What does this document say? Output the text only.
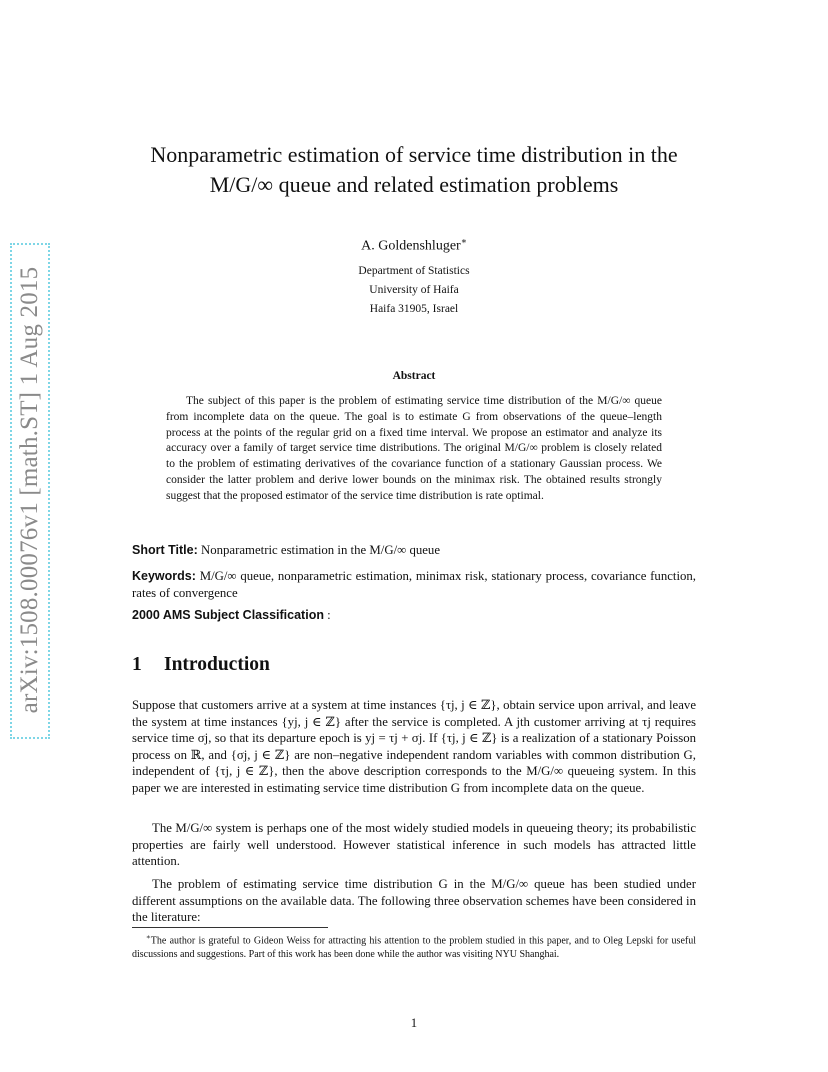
arXiv:1508.00076v1 [math.ST] 1 Aug 2015
Nonparametric estimation of service time distribution in the
M/G/∞ queue and related estimation problems
A. Goldenshluger∗
Department of Statistics
University of Haifa
Haifa 31905, Israel
Abstract
The subject of this paper is the problem of estimating service time distribution of the M/G/∞ queue from incomplete data on the queue. The goal is to estimate G from observations of the queue–length process at the points of the regular grid on a fixed time interval. We propose an estimator and analyze its accuracy over a family of target service time distributions. The original M/G/∞ problem is closely related to the problem of estimating derivatives of the covariance function of a stationary Gaussian process. We consider the latter problem and derive lower bounds on the minimax risk. The obtained results strongly suggest that the proposed estimator of the service time distribution is rate optimal.
Short Title: Nonparametric estimation in the M/G/∞ queue
Keywords: M/G/∞ queue, nonparametric estimation, minimax risk, stationary process, covariance function, rates of convergence
2000 AMS Subject Classification :
1 Introduction
Suppose that customers arrive at a system at time instances {τj, j ∈ ℤ}, obtain service upon arrival, and leave the system at time instances {yj, j ∈ ℤ} after the service is completed. A jth customer arriving at τj requires service time σj, so that its departure epoch is yj = τj + σj. If {τj, j ∈ ℤ} is a realization of a stationary Poisson process on ℝ, and {σj, j ∈ ℤ} are non–negative independent random variables with common distribution G, independent of {τj, j ∈ ℤ}, then the above description corresponds to the M/G/∞ queueing system. In this paper we are interested in estimating service time distribution G from incomplete data on the queue.
The M/G/∞ system is perhaps one of the most widely studied models in queueing theory; its probabilistic properties are fairly well understood. However statistical inference in such models has attracted little attention.
The problem of estimating service time distribution G in the M/G/∞ queue has been studied under different assumptions on the available data. The following three observation schemes have been considered in the literature:
∗The author is grateful to Gideon Weiss for attracting his attention to the problem studied in this paper, and to Oleg Lepski for useful discussions and suggestions. Part of this work has been done while the author was visiting NYU Shanghai.
1
